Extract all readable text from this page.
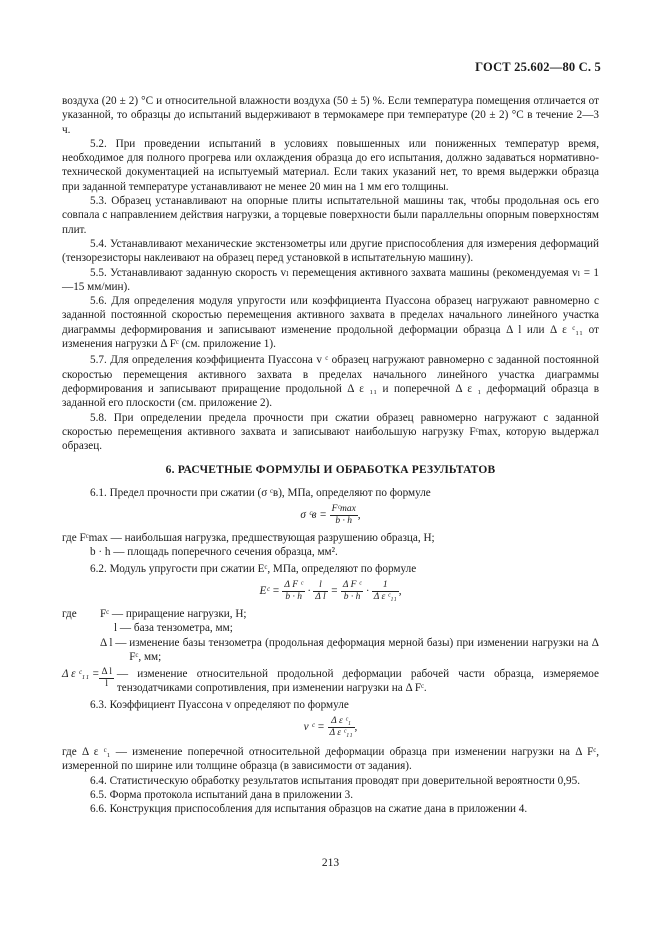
ГОСТ 25.602—80 С. 5

воздуха (20 ± 2) °С и относительной влажности воздуха (50 ± 5) %. Если температура помещения отличается от указанной, то образцы до испытаний выдерживают в термокамере при температуре (20 ± 2) °С в течение 2—3 ч.

5.2. При проведении испытаний в условиях повышенных или пониженных температур время, необходимое для полного прогрева или охлаждения образца до его испытания, должно задаваться нормативно-технической документацией на испытуемый материал. Если таких указаний нет, то время выдержки образца при заданной температуре устанавливают не менее 20 мин на 1 мм его толщины.

5.3. Образец устанавливают на опорные плиты испытательной машины так, чтобы продольная ось его совпала с направлением действия нагрузки, а торцевые поверхности были параллельны опорным поверхностям плит.

5.4. Устанавливают механические экстензометры или другие приспособления для измерения деформаций (тензорезисторы наклеивают на образец перед установкой в испытательную машину).

5.5. Устанавливают заданную скорость vₗ перемещения активного захвата машины (рекомендуемая vₗ = 1—15 мм/мин).

5.6. Для определения модуля упругости или коэффициента Пуассона образец нагружают равномерно с заданной постоянной скоростью перемещения активного захвата в пределах начального линейного участка диаграммы деформирования и записывают изменение продольной деформации образца Δ l или Δ ε ᶜ₁₁ от изменения нагрузки Δ Fᶜ (см. приложение 1).

5.7. Для определения коэффициента Пуассона v ᶜ образец нагружают равномерно с заданной постоянной скоростью перемещения активного захвата в пределах начального линейного участка диаграммы деформирования и записывают приращение продольной Δ ε ₁₁ и поперечной Δ ε ₁ деформаций образца в заданной его плоскости (см. приложение 2).

5.8. При определении предела прочности при сжатии образец равномерно нагружают с заданной скоростью перемещения активного захвата и записывают наибольшую нагрузку Fᶜmax, которую выдержал образец.

6. РАСЧЕТНЫЕ ФОРМУЛЫ И ОБРАБОТКА РЕЗУЛЬТАТОВ

6.1. Предел прочности при сжатии (σ ᶜв), МПа, определяют по формуле

σ ᶜв = $\frac{\text{Fᶜmax}}{b \cdot h}$ ,
где Fᶜmax —
наибольшая нагрузка, предшествующая разрушению образца, Н;
b · h —
площадь поперечного сечения образца, мм².

6.2. Модуль упругости при сжатии Eᶜ, МПа, определяют по формуле

Eᶜ = $\frac{\text{Δ F ᶜ}}{b \cdot h} \cdot \frac{l}{\text{Δ l}} = \frac{\text{Δ F ᶜ}}{b \cdot h} \cdot \frac{1}{\text{Δ ε ᶜ₁₁}}$ ,
где	Fᶜ —
приращение нагрузки, Н;
l —
база тензометра, мм;
Δ l —
изменение базы тензометра (продольная деформация мерной базы) при изменении нагрузки на Δ Fᶜ, мм;
Δ ε ᶜ₁₁ = $\frac{\text{Δ l}}{l}$
— изменение относительной продольной деформации рабочей части образца, измеряемое тензодатчиками сопротивления, при изменении нагрузки на Δ Fᶜ.

6.3. Коэффициент Пуассона v определяют по формуле

v ᶜ = $\frac{\text{Δ ε ᶜ₁}}{\text{Δ ε ᶜ₁₁}}$ ,

где Δ ε ᶜ₁ — изменение поперечной относительной деформации образца при изменении нагрузки на Δ Fᶜ, измеренной по ширине или толщине образца (в зависимости от задания).

6.4. Статистическую обработку результатов испытания проводят при доверительной вероятности 0,95.

6.5. Форма протокола испытаний дана в приложении 3.

6.6. Конструкция приспособления для испытания образцов на сжатие дана в приложении 4.

213
